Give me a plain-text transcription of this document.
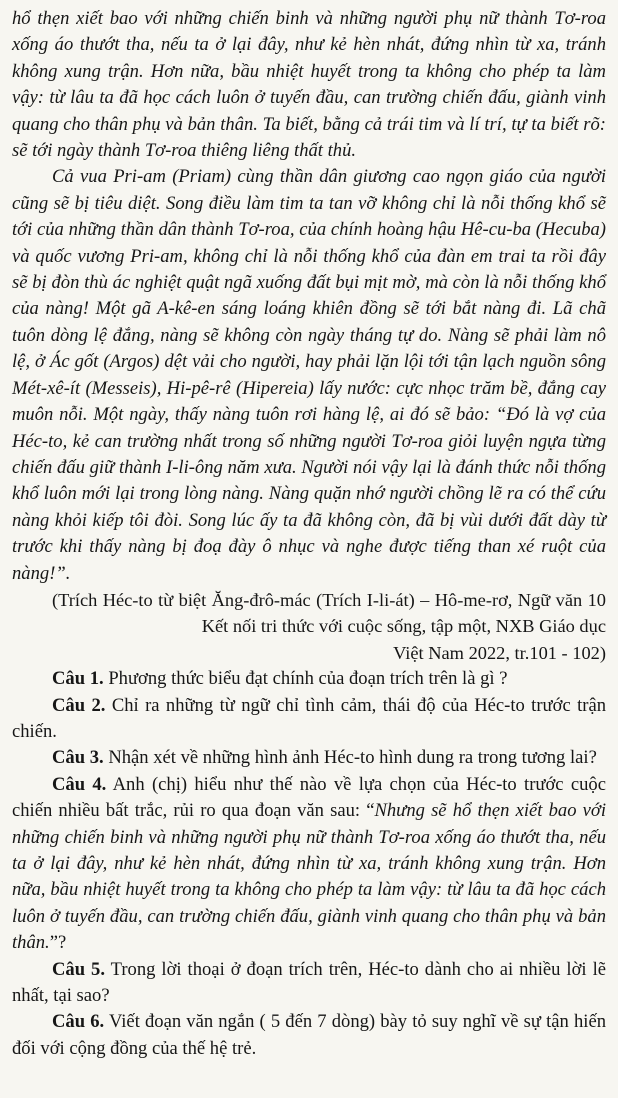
hổ thẹn xiết bao với những chiến binh và những người phụ nữ thành Tơ-roa xống áo thướt tha, nếu ta ở lại đây, như kẻ hèn nhát, đứng nhìn từ xa, tránh không xung trận. Hơn nữa, bầu nhiệt huyết trong ta không cho phép ta làm vậy: từ lâu ta đã học cách luôn ở tuyến đầu, can trường chiến đấu, giành vinh quang cho thân phụ và bản thân. Ta biết, bằng cả trái tim và lí trí, tự ta biết rõ: sẽ tới ngày thành Tơ-roa thiêng liêng thất thủ.

Cả vua Pri-am (Priam) cùng thần dân giương cao ngọn giáo của người cũng sẽ bị tiêu diệt. Song điều làm tim ta tan vỡ không chỉ là nỗi thống khổ sẽ tới của những thần dân thành Tơ-roa, của chính hoàng hậu Hê-cu-ba (Hecuba) và quốc vương Pri-am, không chỉ là nỗi thống khổ của đàn em trai ta rồi đây sẽ bị đòn thù ác nghiệt quật ngã xuống đất bụi mịt mờ, mà còn là nỗi thống khổ của nàng! Một gã A-kê-en sáng loáng khiên đồng sẽ tới bắt nàng đi. Lã chã tuôn dòng lệ đắng, nàng sẽ không còn ngày tháng tự do. Nàng sẽ phải làm nô lệ, ở Ác gốt (Argos) dệt vải cho người, hay phải lặn lội tới tận lạch nguồn sông Mét-xê-ít (Messeis), Hi-pê-rê (Hipereia) lấy nước: cực nhọc trăm bề, đắng cay muôn nỗi. Một ngày, thấy nàng tuôn rơi hàng lệ, ai đó sẽ bảo: “Đó là vợ của Héc-to, kẻ can trường nhất trong số những người Tơ-roa giỏi luyện ngựa từng chiến đấu giữ thành I-li-ông năm xưa. Người nói vậy lại là đánh thức nỗi thống khổ luôn mới lại trong lòng nàng. Nàng quặn nhớ người chồng lẽ ra có thể cứu nàng khỏi kiếp tôi đòi. Song lúc ấy ta đã không còn, đã bị vùi dưới đất dày từ trước khi thấy nàng bị đoạ đày ô nhục và nghe được tiếng than xé ruột của nàng!”.

(Trích Héc-to từ biệt Ăng-đrô-mác (Trích I-li-át) – Hô-me-rơ, Ngữ văn 10 Kết nối tri thức với cuộc sống, tập một, NXB Giáo dục

Việt Nam 2022, tr.101 - 102)

Câu 1. Phương thức biểu đạt chính của đoạn trích trên là gì ?

Câu 2. Chỉ ra những từ ngữ chỉ tình cảm, thái độ của Héc-to trước trận chiến.

Câu 3. Nhận xét về những hình ảnh Héc-to hình dung ra trong tương lai?

Câu 4. Anh (chị) hiểu như thế nào về lựa chọn của Héc-to trước cuộc chiến nhiều bất trắc, rủi ro qua đoạn văn sau: “Nhưng sẽ hổ thẹn xiết bao với những chiến binh và những người phụ nữ thành Tơ-roa xống áo thướt tha, nếu ta ở lại đây, như kẻ hèn nhát, đứng nhìn từ xa, tránh không xung trận. Hơn nữa, bầu nhiệt huyết trong ta không cho phép ta làm vậy: từ lâu ta đã học cách luôn ở tuyến đầu, can trường chiến đấu, giành vinh quang cho thân phụ và bản thân.”?

Câu 5. Trong lời thoại ở đoạn trích trên, Héc-to dành cho ai nhiều lời lẽ nhất, tại sao?

Câu 6. Viết đoạn văn ngắn ( 5 đến 7 dòng) bày tỏ suy nghĩ về sự tận hiến đối với cộng đồng của thế hệ trẻ.
